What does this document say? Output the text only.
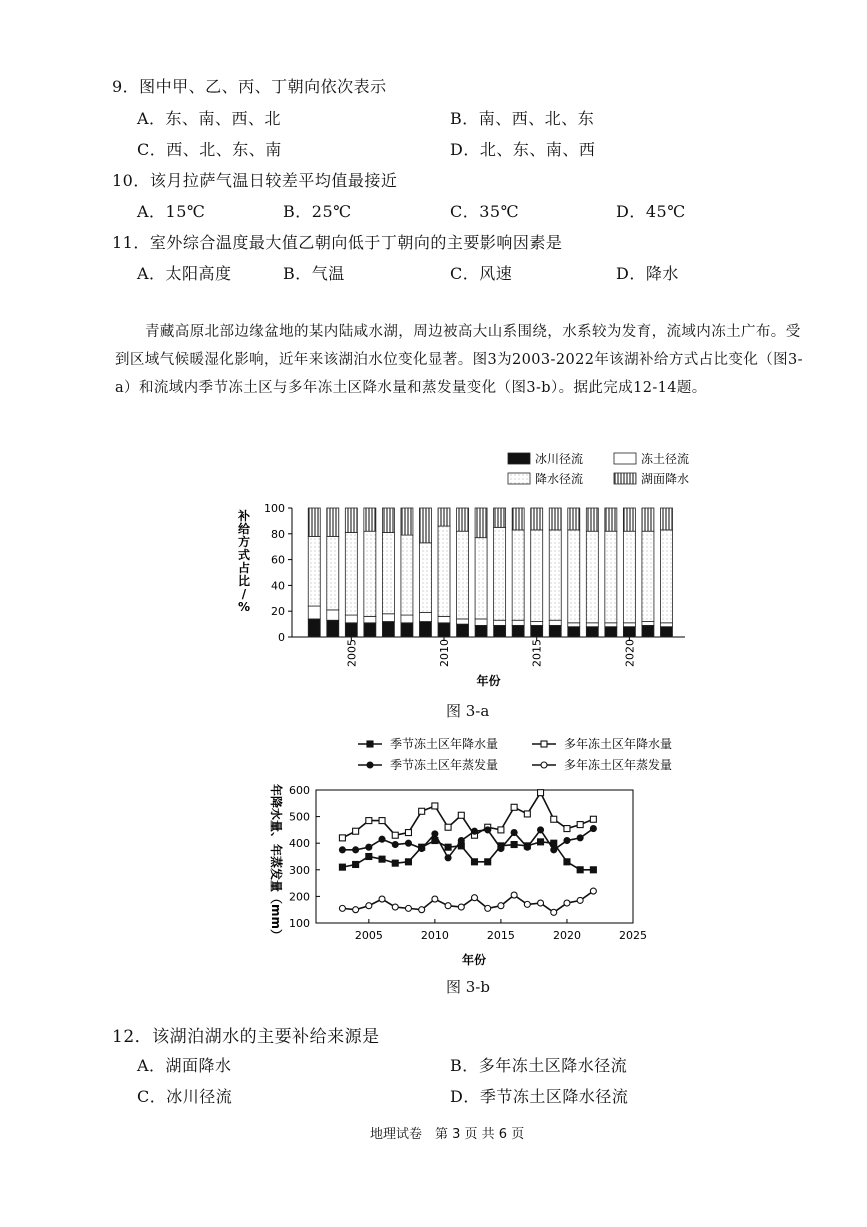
9．图中甲、乙、丙、丁朝向依次表示
A．东、南、西、北	B．南、西、北、东
C．西、北、东、南	D．北、东、南、西
10．该月拉萨气温日较差平均值最接近
A．15℃	B．25℃	C．35℃	D．45℃
11．室外综合温度最大值乙朝向低于丁朝向的主要影响因素是
A．太阳高度	B．气温	C．风速	D．降水
青藏高原北部边缘盆地的某内陆咸水湖，周边被高大山系围绕，水系较为发育，流域内冻土广布。受到区域气候暖湿化影响，近年来该湖泊水位变化显著。图3为2003-2022年该湖补给方式占比变化（图3-a）和流域内季节冻土区与多年冻土区降水量和蒸发量变化（图3-b）。据此完成12-14题。
0
20
40
60
80
100
2005	2010	2015	2020
补
给
方
式
占
比
/
%
年份
冰川径流	冻土径流
降水径流	湖面降水
图 3-a
100
200
300
400
500
600
2005	2010	2015	2020	2025
季节冻土区年降水量	多年冻土区年降水量
季节冻土区年蒸发量	多年冻土区年蒸发量
年降水量、年蒸发量（mm）
年份
图 3-b
12．该湖泊湖水的主要补给来源是
A．湖面降水	B．多年冻土区降水径流
C．冰川径流	D．季节冻土区降水径流
地理试卷　第 3 页 共 6 页
